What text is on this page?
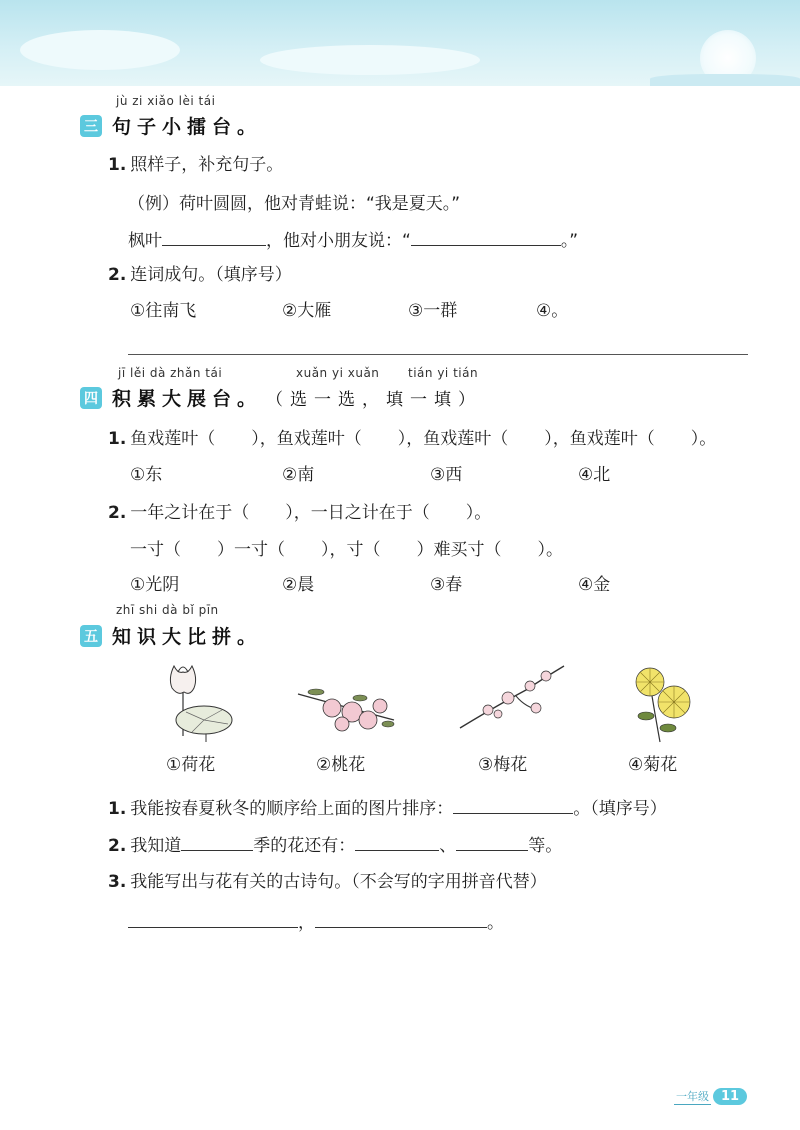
jù zi xiǎo lèi tái
三 句子小擂台。
1. 照样子，补充句子。
（例）荷叶圆圆，他对青蛙说：“我是夏天。”
枫叶	，他对小朋友说：“	。”
2. 连词成句。（填序号）
①往南飞	②大雁	③一群	④。
jī lěi dà zhǎn tái	xuǎn yi xuǎn tián yi tián
四 积累大展台。 （选一选，填一填）
1. 鱼戏莲叶（ ），鱼戏莲叶（ ），鱼戏莲叶（ ），鱼戏莲叶（ ）。
①东	②南	③西	④北
2. 一年之计在于（ ），一日之计在于（ ）。
一寸（ ）一寸（ ），寸（ ）难买寸（ ）。
①光阴	②晨	③春	④金
zhī shi dà bǐ pīn
五 知识大比拼。
①荷花	②桃花	③梅花	④菊花
1. 我能按春夏秋冬的顺序给上面的图片排序：	。（填序号）
2. 我知道	季的花还有：	、	等。
3. 我能写出与花有关的古诗句。（不会写的字用拼音代替）
，	。
一年级 11
